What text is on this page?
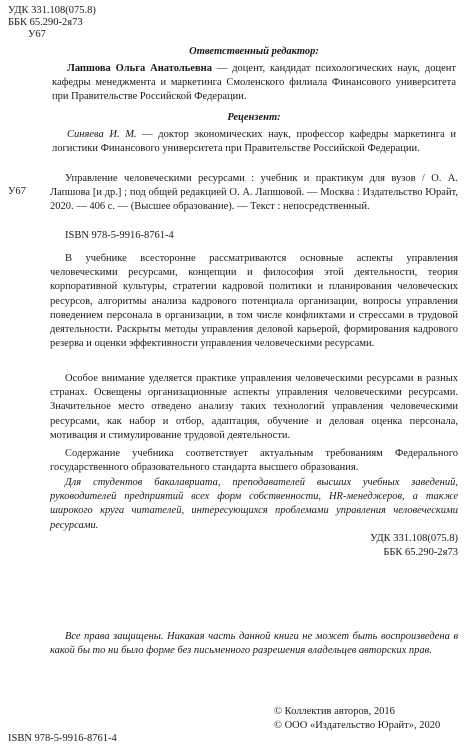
УДК 331.108(075.8)
ББК 65.290-2я73
У67
Ответственный редактор:
Лапшова Ольга Анатольевна — доцент, кандидат психологических наук, доцент кафедры менеджмента и маркетинга Смоленского филиала Финансового университета при Правительстве Российской Федерации.
Рецензент:
Синяева И. М. — доктор экономических наук, профессор кафедры маркетинга и логистики Финансового университета при Правительстве Российской Федерации.
У67
Управление человеческими ресурсами : учебник и практикум для вузов / О. А. Лапшова [и др.] ; под общей редакцией О. А. Лапшовой. — Москва : Издательство Юрайт, 2020. — 406 с. — (Высшее образование). — Текст : непосредственный.
ISBN 978-5-9916-8761-4
В учебнике всесторонне рассматриваются основные аспекты управления человеческими ресурсами, концепции и философия этой деятельности, теория корпоративной культуры, стратегии кадровой политики и планирования человеческих ресурсов, алгоритмы анализа кадрового потенциала организации, вопросы управления поведением персонала в организации, в том числе конфликтами и стрессами в трудовой деятельности. Раскрыты методы управления деловой карьерой, формирования кадрового резерва и оценки эффективности управления человеческими ресурсами.
Особое внимание уделяется практике управления человеческими ресурсами в разных странах. Освещены организационные аспекты управления человеческими ресурсами. Значительное место отведено анализу таких технологий управления человеческими ресурсами, как набор и отбор, адаптация, обучение и деловая оценка персонала, мотивация и стимулирование трудовой деятельности.
Содержание учебника соответствует актуальным требованиям Федерального государственного образовательного стандарта высшего образования.
Для студентов бакалавриата, преподавателей высших учебных заведений, руководителей предприятий всех форм собственности, HR-менеджеров, а также широкого круга читателей, интересующихся проблемами управления человеческими ресурсами.
УДК 331.108(075.8)
ББК 65.290-2я73
Все права защищены. Никакая часть данной книги не может быть воспроизведена в какой бы то ни было форме без письменного разрешения владельцев авторских прав.
ISBN 978-5-9916-8761-4
© Коллектив авторов, 2016
© ООО «Издательство Юрайт», 2020
